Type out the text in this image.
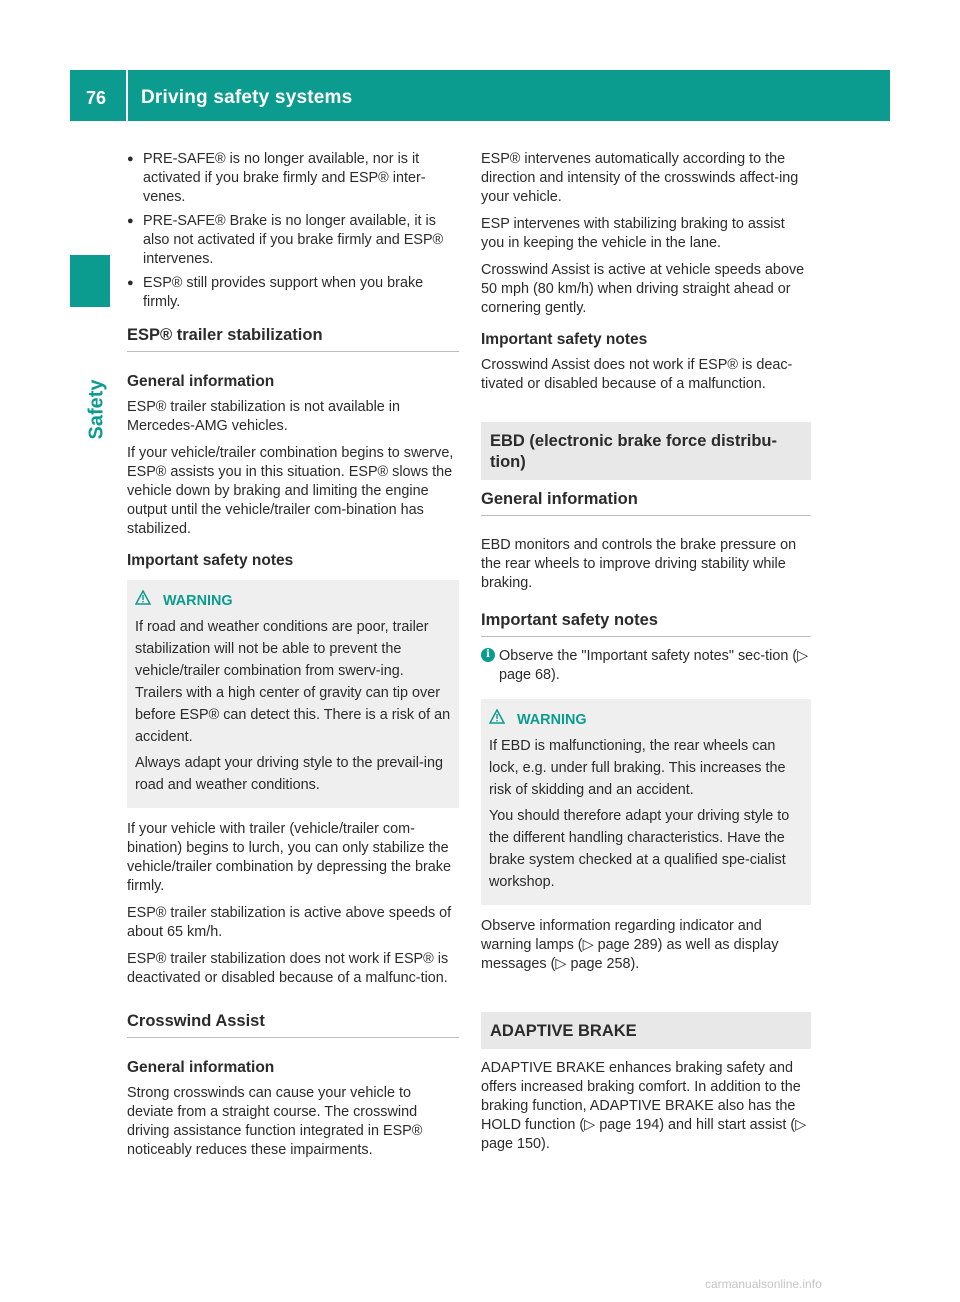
76 Driving safety systems
Safety
● PRE-SAFE® is no longer available, nor is it activated if you brake firmly and ESP® inter-venes.
● PRE-SAFE® Brake is no longer available, it is also not activated if you brake firmly and ESP® intervenes.
● ESP® still provides support when you brake firmly.
ESP® trailer stabilization
General information

ESP® trailer stabilization is not available in Mercedes-AMG vehicles.

If your vehicle/trailer combination begins to swerve, ESP® assists you in this situation. ESP® slows the vehicle down by braking and limiting the engine output until the vehicle/trailer com-bination has stabilized.

Important safety notes
WARNING

If road and weather conditions are poor, trailer stabilization will not be able to prevent the vehicle/trailer combination from swerv-ing. Trailers with a high center of gravity can tip over before ESP® can detect this. There is a risk of an accident.

Always adapt your driving style to the prevail-ing road and weather conditions.

If your vehicle with trailer (vehicle/trailer com-bination) begins to lurch, you can only stabilize the vehicle/trailer combination by depressing the brake firmly.

ESP® trailer stabilization is active above speeds of about 65 km/h.

ESP® trailer stabilization does not work if ESP® is deactivated or disabled because of a malfunc-tion.

Crosswind Assist
General information

Strong crosswinds can cause your vehicle to deviate from a straight course. The crosswind driving assistance function integrated in ESP® noticeably reduces these impairments.

ESP® intervenes automatically according to the direction and intensity of the crosswinds affect-ing your vehicle.

ESP intervenes with stabilizing braking to assist you in keeping the vehicle in the lane.

Crosswind Assist is active at vehicle speeds above 50 mph (80 km/h) when driving straight ahead or cornering gently.

Important safety notes

Crosswind Assist does not work if ESP® is deac-tivated or disabled because of a malfunction.

EBD (electronic brake force distribu-tion)
General information

EBD monitors and controls the brake pressure on the rear wheels to improve driving stability while braking.

Important safety notes
i Observe the "Important safety notes" sec-tion (▷ page 68).
WARNING

If EBD is malfunctioning, the rear wheels can lock, e.g. under full braking. This increases the risk of skidding and an accident.

You should therefore adapt your driving style to the different handling characteristics. Have the brake system checked at a qualified spe-cialist workshop.

Observe information regarding indicator and warning lamps (▷ page 289) as well as display messages (▷ page 258).

ADAPTIVE BRAKE

ADAPTIVE BRAKE enhances braking safety and offers increased braking comfort. In addition to the braking function, ADAPTIVE BRAKE also has the HOLD function (▷ page 194) and hill start assist (▷ page 150).

carmanualsonline.info
